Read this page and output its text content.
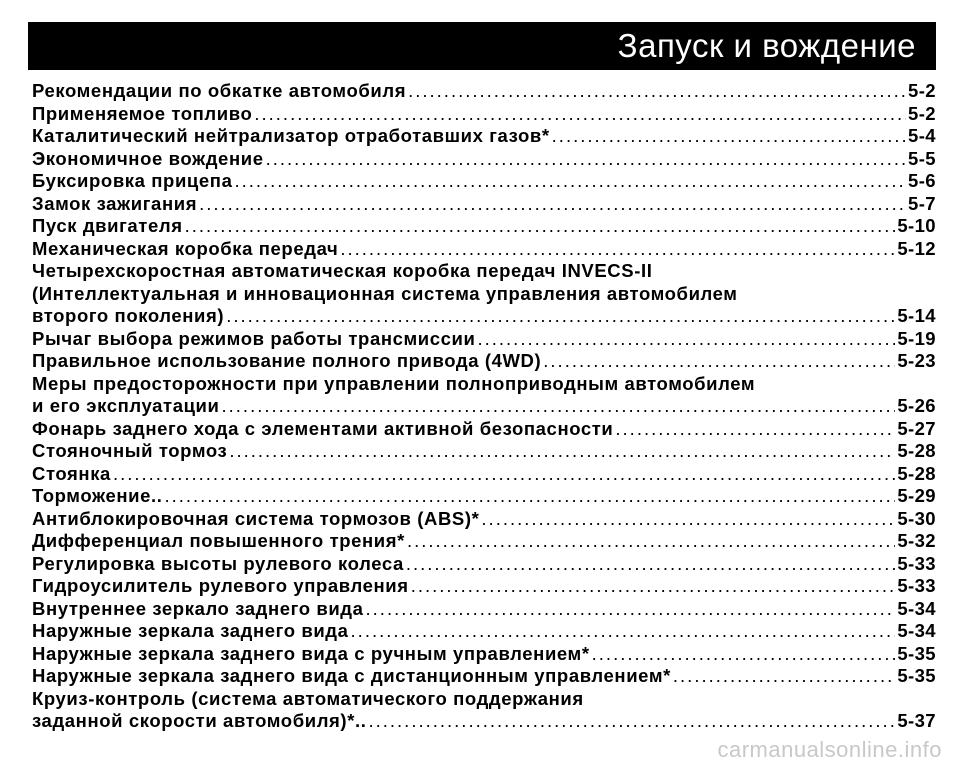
Запуск и вождение
Рекомендации по обкатке автомобиля .....	5-2
Применяемое топливо .....	5-2
Каталитический нейтрализатор отработавших газов* .....	5-4
Экономичное вождение .....	5-5
Буксировка прицепа .....	5-6
Замок зажигания .....	5-7
Пуск двигателя .....	5-10
Механическая коробка передач .....	5-12
Четырехскоростная автоматическая коробка передач INVECS-II
(Интеллектуальная и инновационная система управления автомобилем
второго поколения) .....	5-14
Рычаг выбора режимов работы трансмиссии .....	5-19
Правильное использование полного привода (4WD) .....	5-23
Меры предосторожности при управлении полноприводным автомобилем
и его эксплуатации .....	5-26
Фонарь заднего хода с элементами активной безопасности .....	5-27
Стояночный тормоз .....	5-28
Стоянка .....	5-28
Торможение.. .....	5-29
Антиблокировочная система тормозов (ABS)* .....	5-30
Дифференциал повышенного трения* .....	5-32
Регулировка высоты рулевого колеса .....	5-33
Гидроусилитель рулевого управления .....	5-33
Внутреннее зеркало заднего вида .....	5-34
Наружные зеркала заднего вида .....	5-34
Наружные зеркала заднего вида с ручным управлением* .....	5-35
Наружные зеркала заднего вида с дистанционным управлением* .....	5-35
Круиз-контроль (система автоматического поддержания
заданной скорости автомобиля)*.. .....	5-37
carmanualsonline.info
